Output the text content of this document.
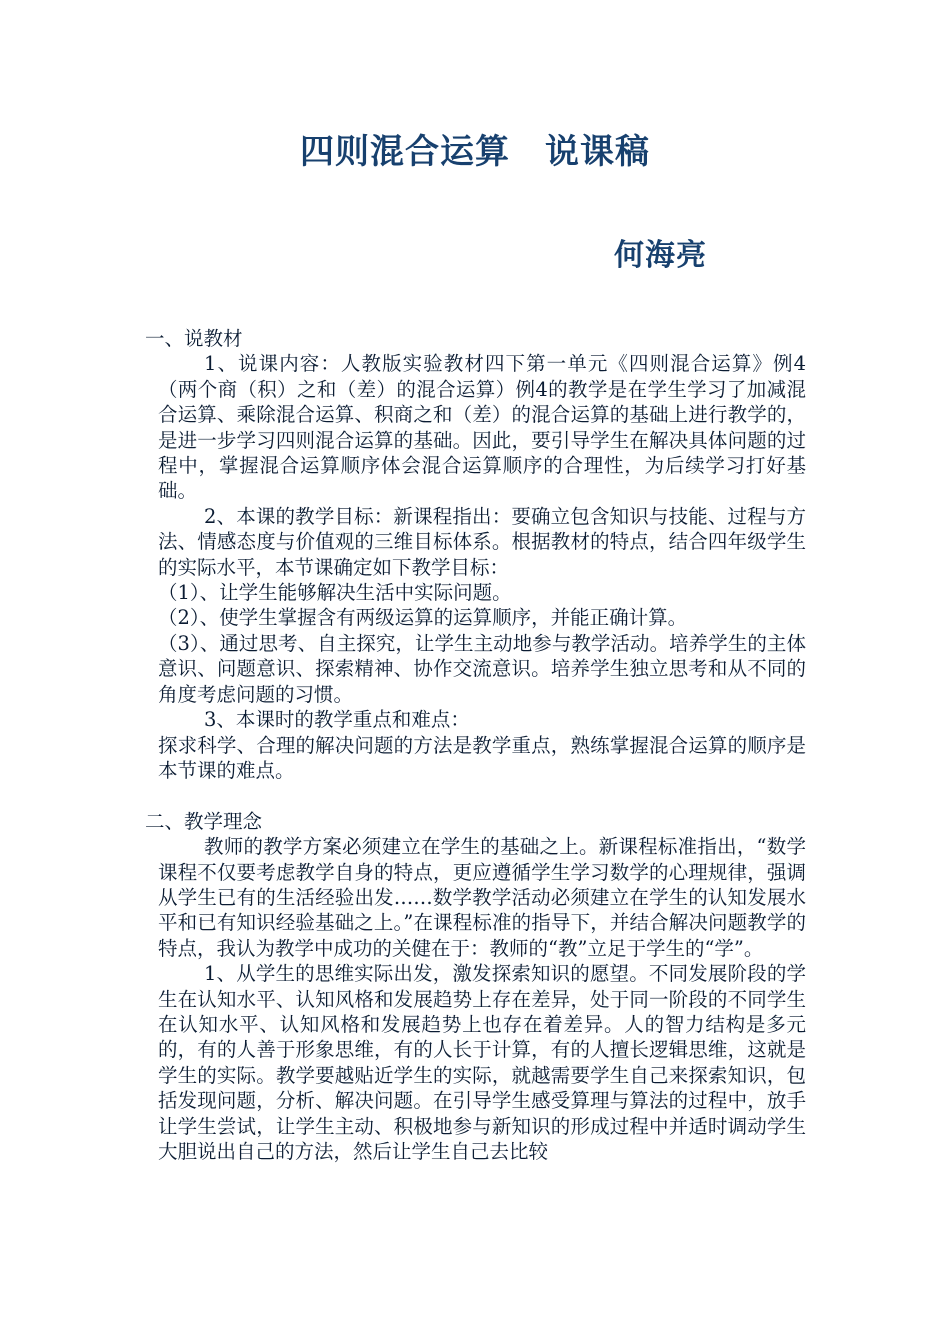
四则混合运算　说课稿
何海亮

一、说教材

1、说课内容：人教版实验教材四下第一单元《四则混合运算》例4（两个商（积）之和（差）的混合运算）例4的教学是在学生学习了加减混合运算、乘除混合运算、积商之和（差）的混合运算的基础上进行教学的，是进一步学习四则混合运算的基础。因此，要引导学生在解决具体问题的过程中，掌握混合运算顺序体会混合运算顺序的合理性，为后续学习打好基础。

2、本课的教学目标：新课程指出：要确立包含知识与技能、过程与方法、情感态度与价值观的三维目标体系。根据教材的特点，结合四年级学生的实际水平，本节课确定如下教学目标：

（1）、让学生能够解决生活中实际问题。

（2）、使学生掌握含有两级运算的运算顺序，并能正确计算。

（3）、通过思考、自主探究，让学生主动地参与教学活动。培养学生的主体意识、问题意识、探索精神、协作交流意识。培养学生独立思考和从不同的角度考虑问题的习惯。

3、本课时的教学重点和难点：

探求科学、合理的解决问题的方法是教学重点，熟练掌握混合运算的顺序是本节课的难点。

二、教学理念

教师的教学方案必须建立在学生的基础之上。新课程标准指出，“数学课程不仅要考虑教学自身的特点，更应遵循学生学习数学的心理规律，强调从学生已有的生活经验出发……数学教学活动必须建立在学生的认知发展水平和已有知识经验基础之上。”在课程标准的指导下，并结合解决问题教学的特点，我认为教学中成功的关健在于：教师的“教”立足于学生的“学”。

1、从学生的思维实际出发，激发探索知识的愿望。不同发展阶段的学生在认知水平、认知风格和发展趋势上存在差异，处于同一阶段的不同学生在认知水平、认知风格和发展趋势上也存在着差异。人的智力结构是多元的，有的人善于形象思维，有的人长于计算，有的人擅长逻辑思维，这就是学生的实际。教学要越贴近学生的实际，就越需要学生自己来探索知识，包括发现问题，分析、解决问题。在引导学生感受算理与算法的过程中，放手让学生尝试，让学生主动、积极地参与新知识的形成过程中并适时调动学生大胆说出自己的方法，然后让学生自己去比较
